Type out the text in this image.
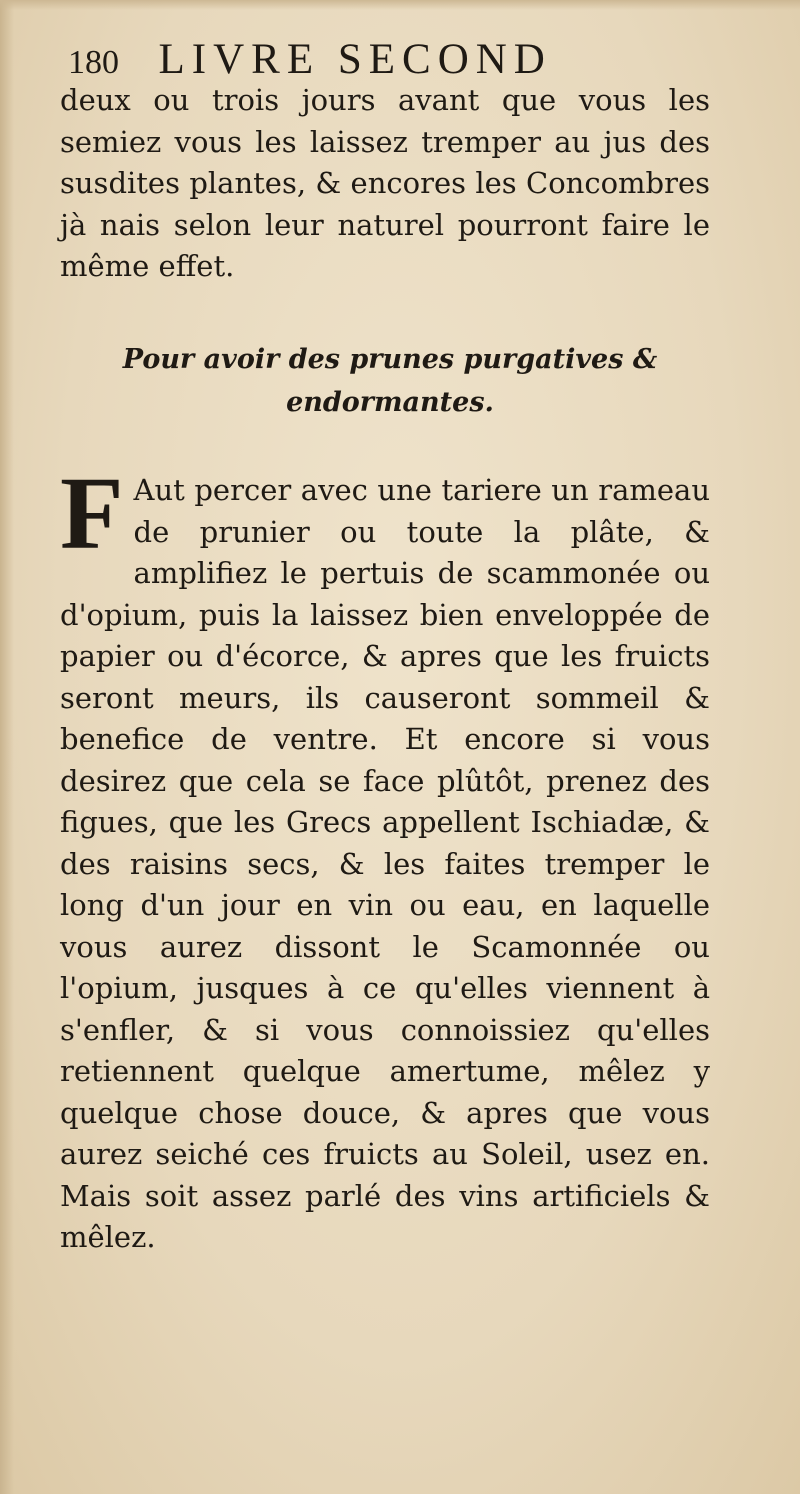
180 LIVRE SECOND
deux ou trois jours avant que vous les semiez vous les laissez tremper au jus des susdites plantes, & encores les Concombres jà nais selon leur naturel pourront faire le même effet.
Pour avoir des prunes purgatives &
endormantes.
F Aut percer avec une tariere un rameau de prunier ou toute la plâte, & amplifiez le pertuis de scammonée ou d'opium, puis la laissez bien enveloppée de papier ou d'écorce, & apres que les fruicts seront meurs, ils causeront sommeil & benefice de ventre. Et encore si vous desirez que cela se face plûtôt, prenez des figues, que les Grecs appellent Ischiadæ, & des raisins secs, & les faites tremper le long d'un jour en vin ou eau, en laquelle vous aurez dissont le Scamonnée ou l'opium, jusques à ce qu'elles viennent à s'enfler, & si vous connoissiez qu'elles retiennent quelque amertume, mêlez y quelque chose douce, & apres que vous aurez seiché ces fruicts au Soleil, usez en. Mais soit assez parlé des vins artificiels & mêlez.
